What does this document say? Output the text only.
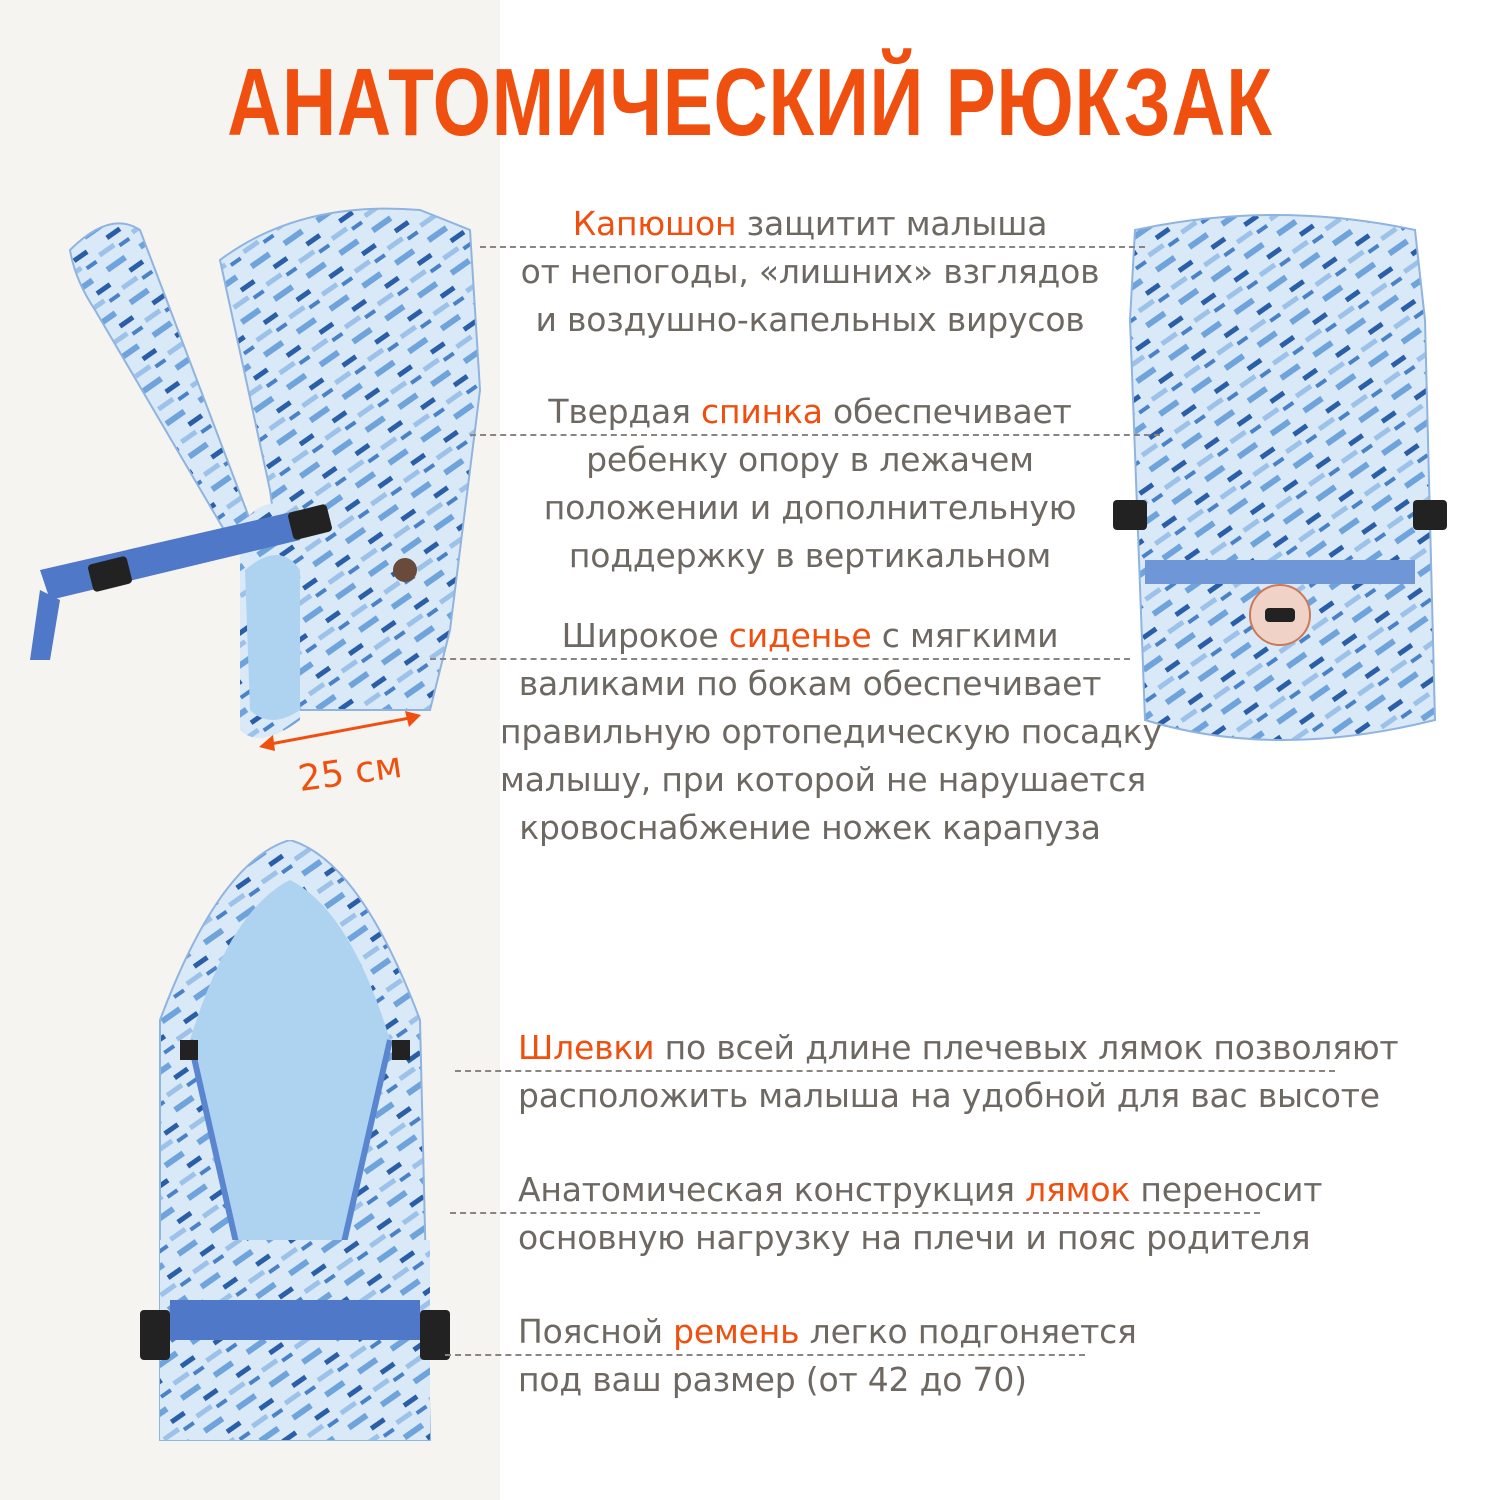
АНАТОМИЧЕСКИЙ РЮКЗАК
25 см
Капюшон защитит малыша
от непогоды, «лишних» взглядов
и воздушно-капельных вирусов
Твердая спинка обеспечивает
ребенку опору в лежачем
положении и дополнительную
поддержку в вертикальном
Широкое сиденье с мягкими
валиками по бокам обеспечивает
правильную ортопедическую посадку
малышу, при которой не нарушается
кровоснабжение ножек карапуза
Шлевки по всей длине плечевых лямок позволяют
расположить малыша на удобной для вас высоте
Анатомическая конструкция лямок переносит
основную нагрузку на плечи и пояс родителя
Поясной ремень легко подгоняется
под ваш размер (от 42 до 70)
